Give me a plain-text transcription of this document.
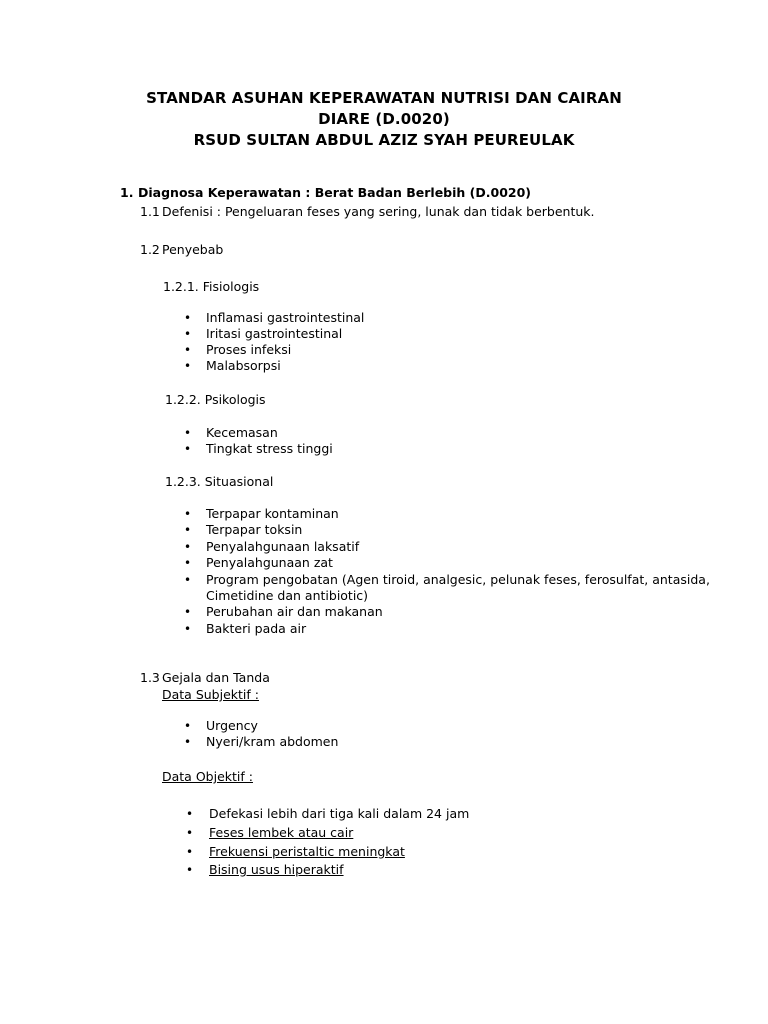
STANDAR ASUHAN KEPERAWATAN NUTRISI DAN CAIRAN
DIARE (D.0020)
RSUD SULTAN ABDUL AZIZ SYAH PEUREULAK
1. Diagnosa Keperawatan : Berat Badan Berlebih (D.0020)
1.1 Defenisi : Pengeluaran feses yang sering, lunak dan tidak berbentuk.
1.2 Penyebab
1.2.1. Fisiologis
• Inflamasi gastrointestinal
• Iritasi gastrointestinal
• Proses infeksi
• Malabsorpsi
1.2.2. Psikologis
• Kecemasan
• Tingkat stress tinggi
1.2.3. Situasional
• Terpapar kontaminan
• Terpapar toksin
• Penyalahgunaan laksatif
• Penyalahgunaan zat
• Program pengobatan (Agen tiroid, analgesic, pelunak feses, ferosulfat, antasida,
Cimetidine dan antibiotic)
• Perubahan air dan makanan
• Bakteri pada air
1.3 Gejala dan Tanda
Data Subjektif :
• Urgency
• Nyeri/kram abdomen
Data Objektif :
• Defekasi lebih dari tiga kali dalam 24 jam
• Feses lembek atau cair
• Frekuensi peristaltic meningkat
• Bising usus hiperaktif
